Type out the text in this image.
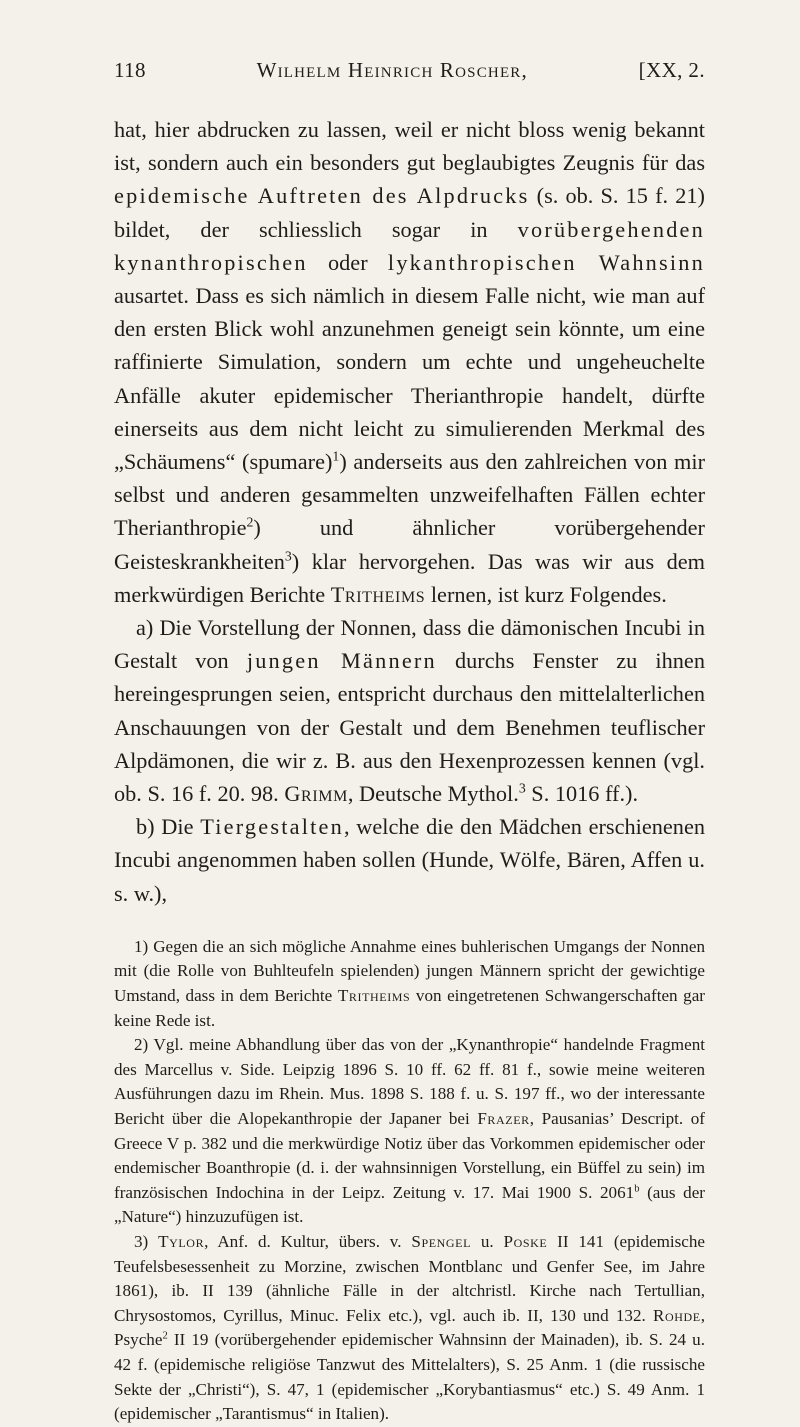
118	Wilhelm Heinrich Roscher,	[XX, 2.

hat, hier abdrucken zu lassen, weil er nicht bloss wenig bekannt ist, sondern auch ein besonders gut beglaubigtes Zeugnis für das epidemische Auftreten des Alpdrucks (s. ob. S. 15 f. 21) bildet, der schliesslich sogar in vorübergehenden kynanthropischen oder lykanthropischen Wahnsinn ausartet. Dass es sich nämlich in diesem Falle nicht, wie man auf den ersten Blick wohl anzunehmen geneigt sein könnte, um eine raffinierte Simulation, sondern um echte und ungeheuchelte Anfälle akuter epidemischer Therianthropie handelt, dürfte einerseits aus dem nicht leicht zu simulierenden Merkmal des „Schäumens“ (spumare)$^1$) anderseits aus den zahlreichen von mir selbst und anderen gesammelten unzweifelhaften Fällen echter Therianthropie$^2$) und ähnlicher vorübergehender Geisteskrankheiten$^3$) klar hervorgehen. Das was wir aus dem merkwürdigen Berichte Tritheims lernen, ist kurz Folgendes.

a) Die Vorstellung der Nonnen, dass die dämonischen Incubi in Gestalt von jungen Männern durchs Fenster zu ihnen hereingesprungen seien, entspricht durchaus den mittelalterlichen Anschauungen von der Gestalt und dem Benehmen teuflischer Alpdämonen, die wir z. B. aus den Hexenprozessen kennen (vgl. ob. S. 16 f. 20. 98. Grimm, Deutsche Mythol.$^3$ S. 1016 ff.).

b) Die Tiergestalten, welche die den Mädchen erschienenen Incubi angenommen haben sollen (Hunde, Wölfe, Bären, Affen u. s. w.),

1) Gegen die an sich mögliche Annahme eines buhlerischen Umgangs der Nonnen mit (die Rolle von Buhlteufeln spielenden) jungen Männern spricht der gewichtige Umstand, dass in dem Berichte Tritheims von eingetretenen Schwangerschaften gar keine Rede ist.

2) Vgl. meine Abhandlung über das von der „Kynanthropie“ handelnde Fragment des Marcellus v. Side. Leipzig 1896 S. 10 ff. 62 ff. 81 f., sowie meine weiteren Ausführungen dazu im Rhein. Mus. 1898 S. 188 f. u. S. 197 ff., wo der interessante Bericht über die Alopekanthropie der Japaner bei Frazer, Pausanias’ Descript. of Greece V p. 382 und die merkwürdige Notiz über das Vorkommen epidemischer oder endemischer Boanthropie (d. i. der wahnsinnigen Vorstellung, ein Büffel zu sein) im französischen Indochina in der Leipz. Zeitung v. 17. Mai 1900 S. 2061$^b$ (aus der „Nature“) hinzuzufügen ist.

3) Tylor, Anf. d. Kultur, übers. v. Spengel u. Poske II 141 (epidemische Teufelsbesessenheit zu Morzine, zwischen Montblanc und Genfer See, im Jahre 1861), ib. II 139 (ähnliche Fälle in der altchristl. Kirche nach Tertullian, Chrysostomos, Cyrillus, Minuc. Felix etc.), vgl. auch ib. II, 130 und 132. Rohde, Psyche$^2$ II 19 (vorübergehender epidemischer Wahnsinn der Mainaden), ib. S. 24 u. 42 f. (epidemische religiöse Tanzwut des Mittelalters), S. 25 Anm. 1 (die russische Sekte der „Christi“), S. 47, 1 (epidemischer „Korybantiasmus“ etc.) S. 49 Anm. 1 (epidemischer „Tarantismus“ in Italien).
